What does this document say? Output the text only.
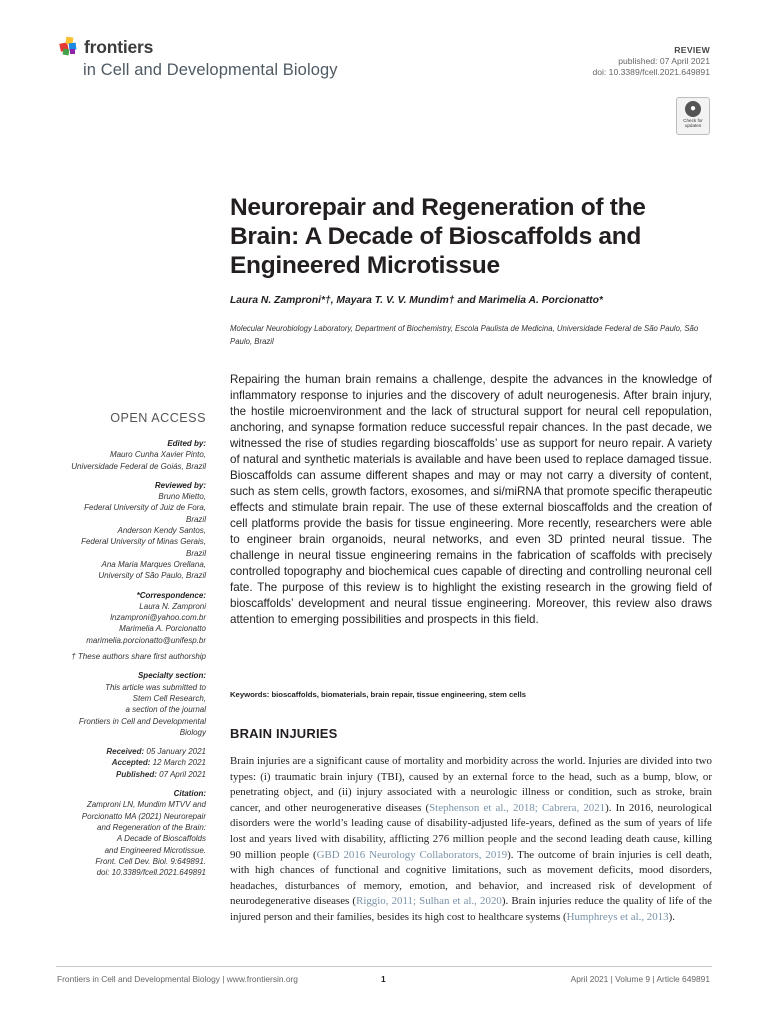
frontiers
in Cell and Developmental Biology
REVIEW
published: 07 April 2021
doi: 10.3389/fcell.2021.649891
●
Check for updates
Neurorepair and Regeneration of the Brain: A Decade of Bioscaffolds and Engineered Microtissue
Laura N. Zamproni*†, Mayara T. V. V. Mundim† and Marimelia A. Porcionatto*
Molecular Neurobiology Laboratory, Department of Biochemistry, Escola Paulista de Medicina, Universidade Federal de São Paulo, São Paulo, Brazil
Repairing the human brain remains a challenge, despite the advances in the knowledge of inflammatory response to injuries and the discovery of adult neurogenesis. After brain injury, the hostile microenvironment and the lack of structural support for neural cell repopulation, anchoring, and synapse formation reduce successful repair chances. In the past decade, we witnessed the rise of studies regarding bioscaffolds’ use as support for neuro repair. A variety of natural and synthetic materials is available and have been used to replace damaged tissue. Bioscaffolds can assume different shapes and may or may not carry a diversity of content, such as stem cells, growth factors, exosomes, and si/miRNA that promote specific therapeutic effects and stimulate brain repair. The use of these external bioscaffolds and the creation of cell platforms provide the basis for tissue engineering. More recently, researchers were able to engineer brain organoids, neural networks, and even 3D printed neural tissue. The challenge in neural tissue engineering remains in the fabrication of scaffolds with precisely controlled topography and biochemical cues capable of directing and controlling neuronal cell fate. The purpose of this review is to highlight the existing research in the growing field of bioscaffolds’ development and neural tissue engineering. Moreover, this review also draws attention to emerging possibilities and prospects in this field.
Keywords: bioscaffolds, biomaterials, brain repair, tissue engineering, stem cells
BRAIN INJURIES
Brain injuries are a significant cause of mortality and morbidity across the world. Injuries are divided into two types: (i) traumatic brain injury (TBI), caused by an external force to the head, such as a bump, blow, or penetrating object, and (ii) injury associated with a neurologic illness or condition, such as stroke, brain cancer, and other neurogenerative diseases (Stephenson et al., 2018; Cabrera, 2021). In 2016, neurological disorders were the world’s leading cause of disability-adjusted life-years, defined as the sum of years of life lost and years lived with disability, afflicting 276 million people and the second leading death cause, killing 90 million people (GBD 2016 Neurology Collaborators, 2019). The outcome of brain injuries is cell death, with high chances of functional and cognitive limitations, such as movement deficits, mood disorders, headaches, disturbances of memory, emotion, and behavior, and increased risk of development of neurodegenerative diseases (Riggio, 2011; Sulhan et al., 2020). Brain injuries reduce the quality of life of the injured person and their families, besides its high cost to healthcare systems (Humphreys et al., 2013).
OPEN ACCESS
Edited by:
Mauro Cunha Xavier Pinto,
Universidade Federal de Goiás, Brazil
Reviewed by:
Bruno Mietto,
Federal University of Juiz de Fora,
Brazil
Anderson Kendy Santos,
Federal University of Minas Gerais,
Brazil
Ana Maria Marques Orellana,
University of São Paulo, Brazil
*Correspondence:
Laura N. Zamproni
lnzamproni@yahoo.com.br
Marimelia A. Porcionatto
marimelia.porcionatto@unifesp.br
† These authors share first authorship
Specialty section:
This article was submitted to
Stem Cell Research,
a section of the journal
Frontiers in Cell and Developmental
Biology
Received: 05 January 2021
Accepted: 12 March 2021
Published: 07 April 2021
Citation:
Zamproni LN, Mundim MTVV and
Porcionatto MA (2021) Neurorepair
and Regeneration of the Brain:
A Decade of Bioscaffolds
and Engineered Microtissue.
Front. Cell Dev. Biol. 9:649891.
doi: 10.3389/fcell.2021.649891
Frontiers in Cell and Developmental Biology | www.frontiersin.org	1	April 2021 | Volume 9 | Article 649891
